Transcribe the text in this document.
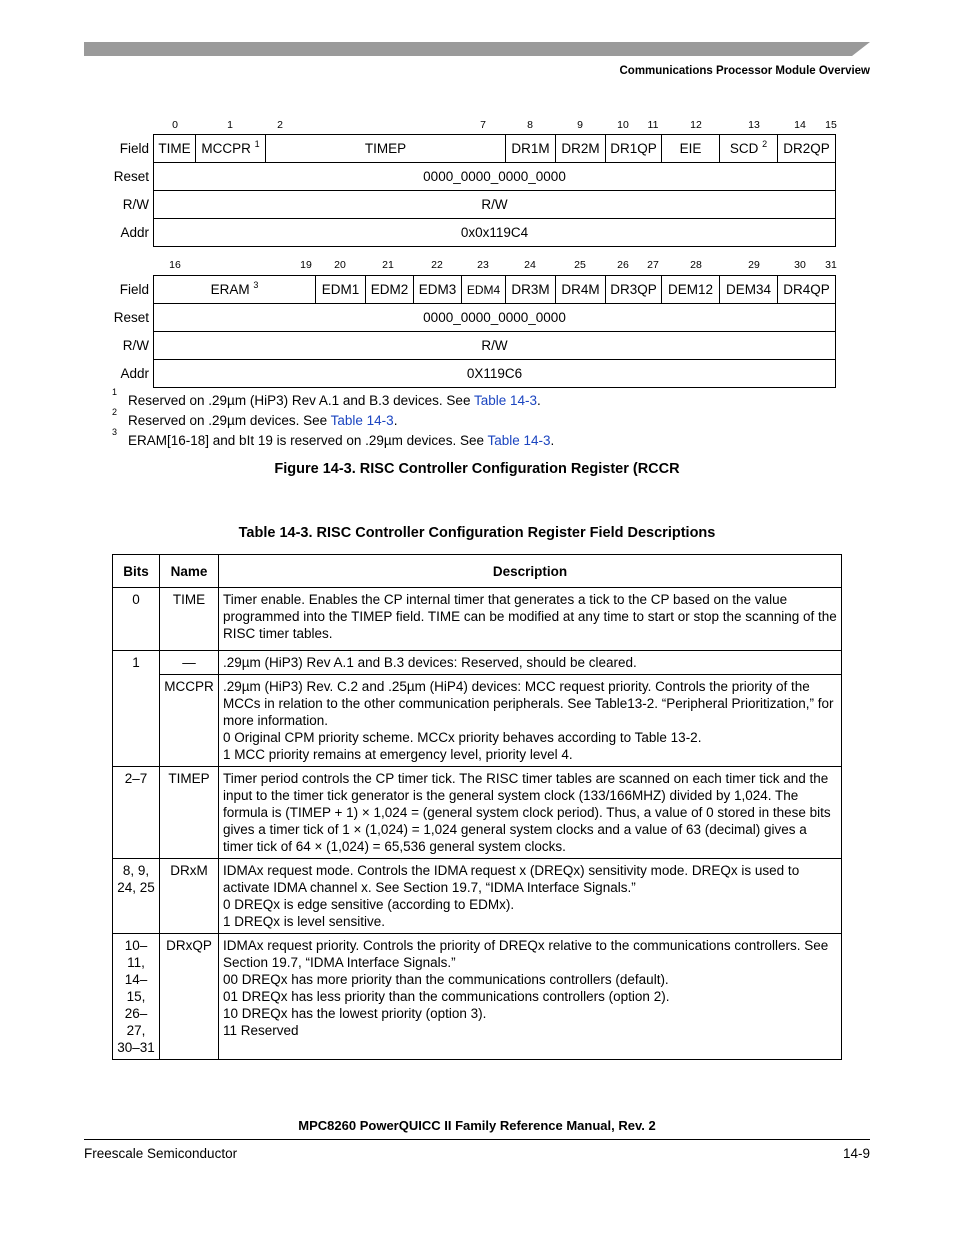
Communications Processor Module Overview
0	1	2	7	8	9	10 11	12	13	14 15
Field	TIME	MCCPR $^1$	TIMEP	DR1M	DR2M	DR1QP	EIE	SCD $^2$	DR2QP
Reset	0000_0000_0000_0000								
R/W	R/W								
Addr	0x0x119C4								
16	19 20	21	22	23	24	25	26 27	28	29	30 31
Field	ERAM $^3$	EDM1	EDM2	EDM3	EDM4	DR3M	DR4M	DR3QP	DEM12	DEM34	DR4QP
Reset	0000_0000_0000_0000										
R/W	R/W										
Addr	0X119C6										
1
Reserved on .29µm (HiP3) Rev A.1 and B.3 devices. See Table 14-3.
2
Reserved on .29µm devices. See Table 14-3.
3
ERAM[16-18] and bIt 19 is reserved on .29µm devices. See Table 14-3.
Figure 14-3. RISC Controller Configuration Register (RCCR
Table 14-3. RISC Controller Configuration Register Field Descriptions
Bits	Name	Description
0	TIME	Timer enable. Enables the CP internal timer that generates a tick to the CP based on the value programmed into the TIMEP field. TIME can be modified at any time to start or stop the scanning of the RISC timer tables.

1	—	.29µm (HiP3) Rev A.1 and B.3 devices: Reserved, should be cleared.

	MCCPR	.29µm (HiP3) Rev. C.2 and .25µm (HiP4) devices: MCC request priority. Controls the priority of the MCCs in relation to the other communication peripherals. See Table13-2. “Peripheral Prioritization,” for more information.
0 Original CPM priority scheme. MCCx priority behaves according to Table 13-2.
1 MCC priority remains at emergency level, priority level 4.

2–7	TIMEP	Timer period controls the CP timer tick. The RISC timer tables are scanned on each timer tick and the input to the timer tick generator is the general system clock (133/166MHZ) divided by 1,024. The formula is (TIMEP + 1) × 1,024 = (general system clock period). Thus, a value of 0 stored in these bits gives a timer tick of 1 × (1,024) = 1,024 general system clocks and a value of 63 (decimal) gives a timer tick of 64 × (1,024) = 65,536 general system clocks.

8, 9, 24, 25	DRxM	IDMAx request mode. Controls the IDMA request x (DREQx) sensitivity mode. DREQx is used to activate IDMA channel x. See Section 19.7, “IDMA Interface Signals.”
0 DREQx is edge sensitive (according to EDMx).
1 DREQx is level sensitive.

10–11, 14–15, 26–27, 30–31	DRxQP	IDMAx request priority. Controls the priority of DREQx relative to the communications controllers. See Section 19.7, “IDMA Interface Signals.”
00 DREQx has more priority than the communications controllers (default).
01 DREQx has less priority than the communications controllers (option 2).
10 DREQx has the lowest priority (option 3).
11 Reserved
MPC8260 PowerQUICC II Family Reference Manual, Rev. 2
Freescale Semiconductor	14-9
